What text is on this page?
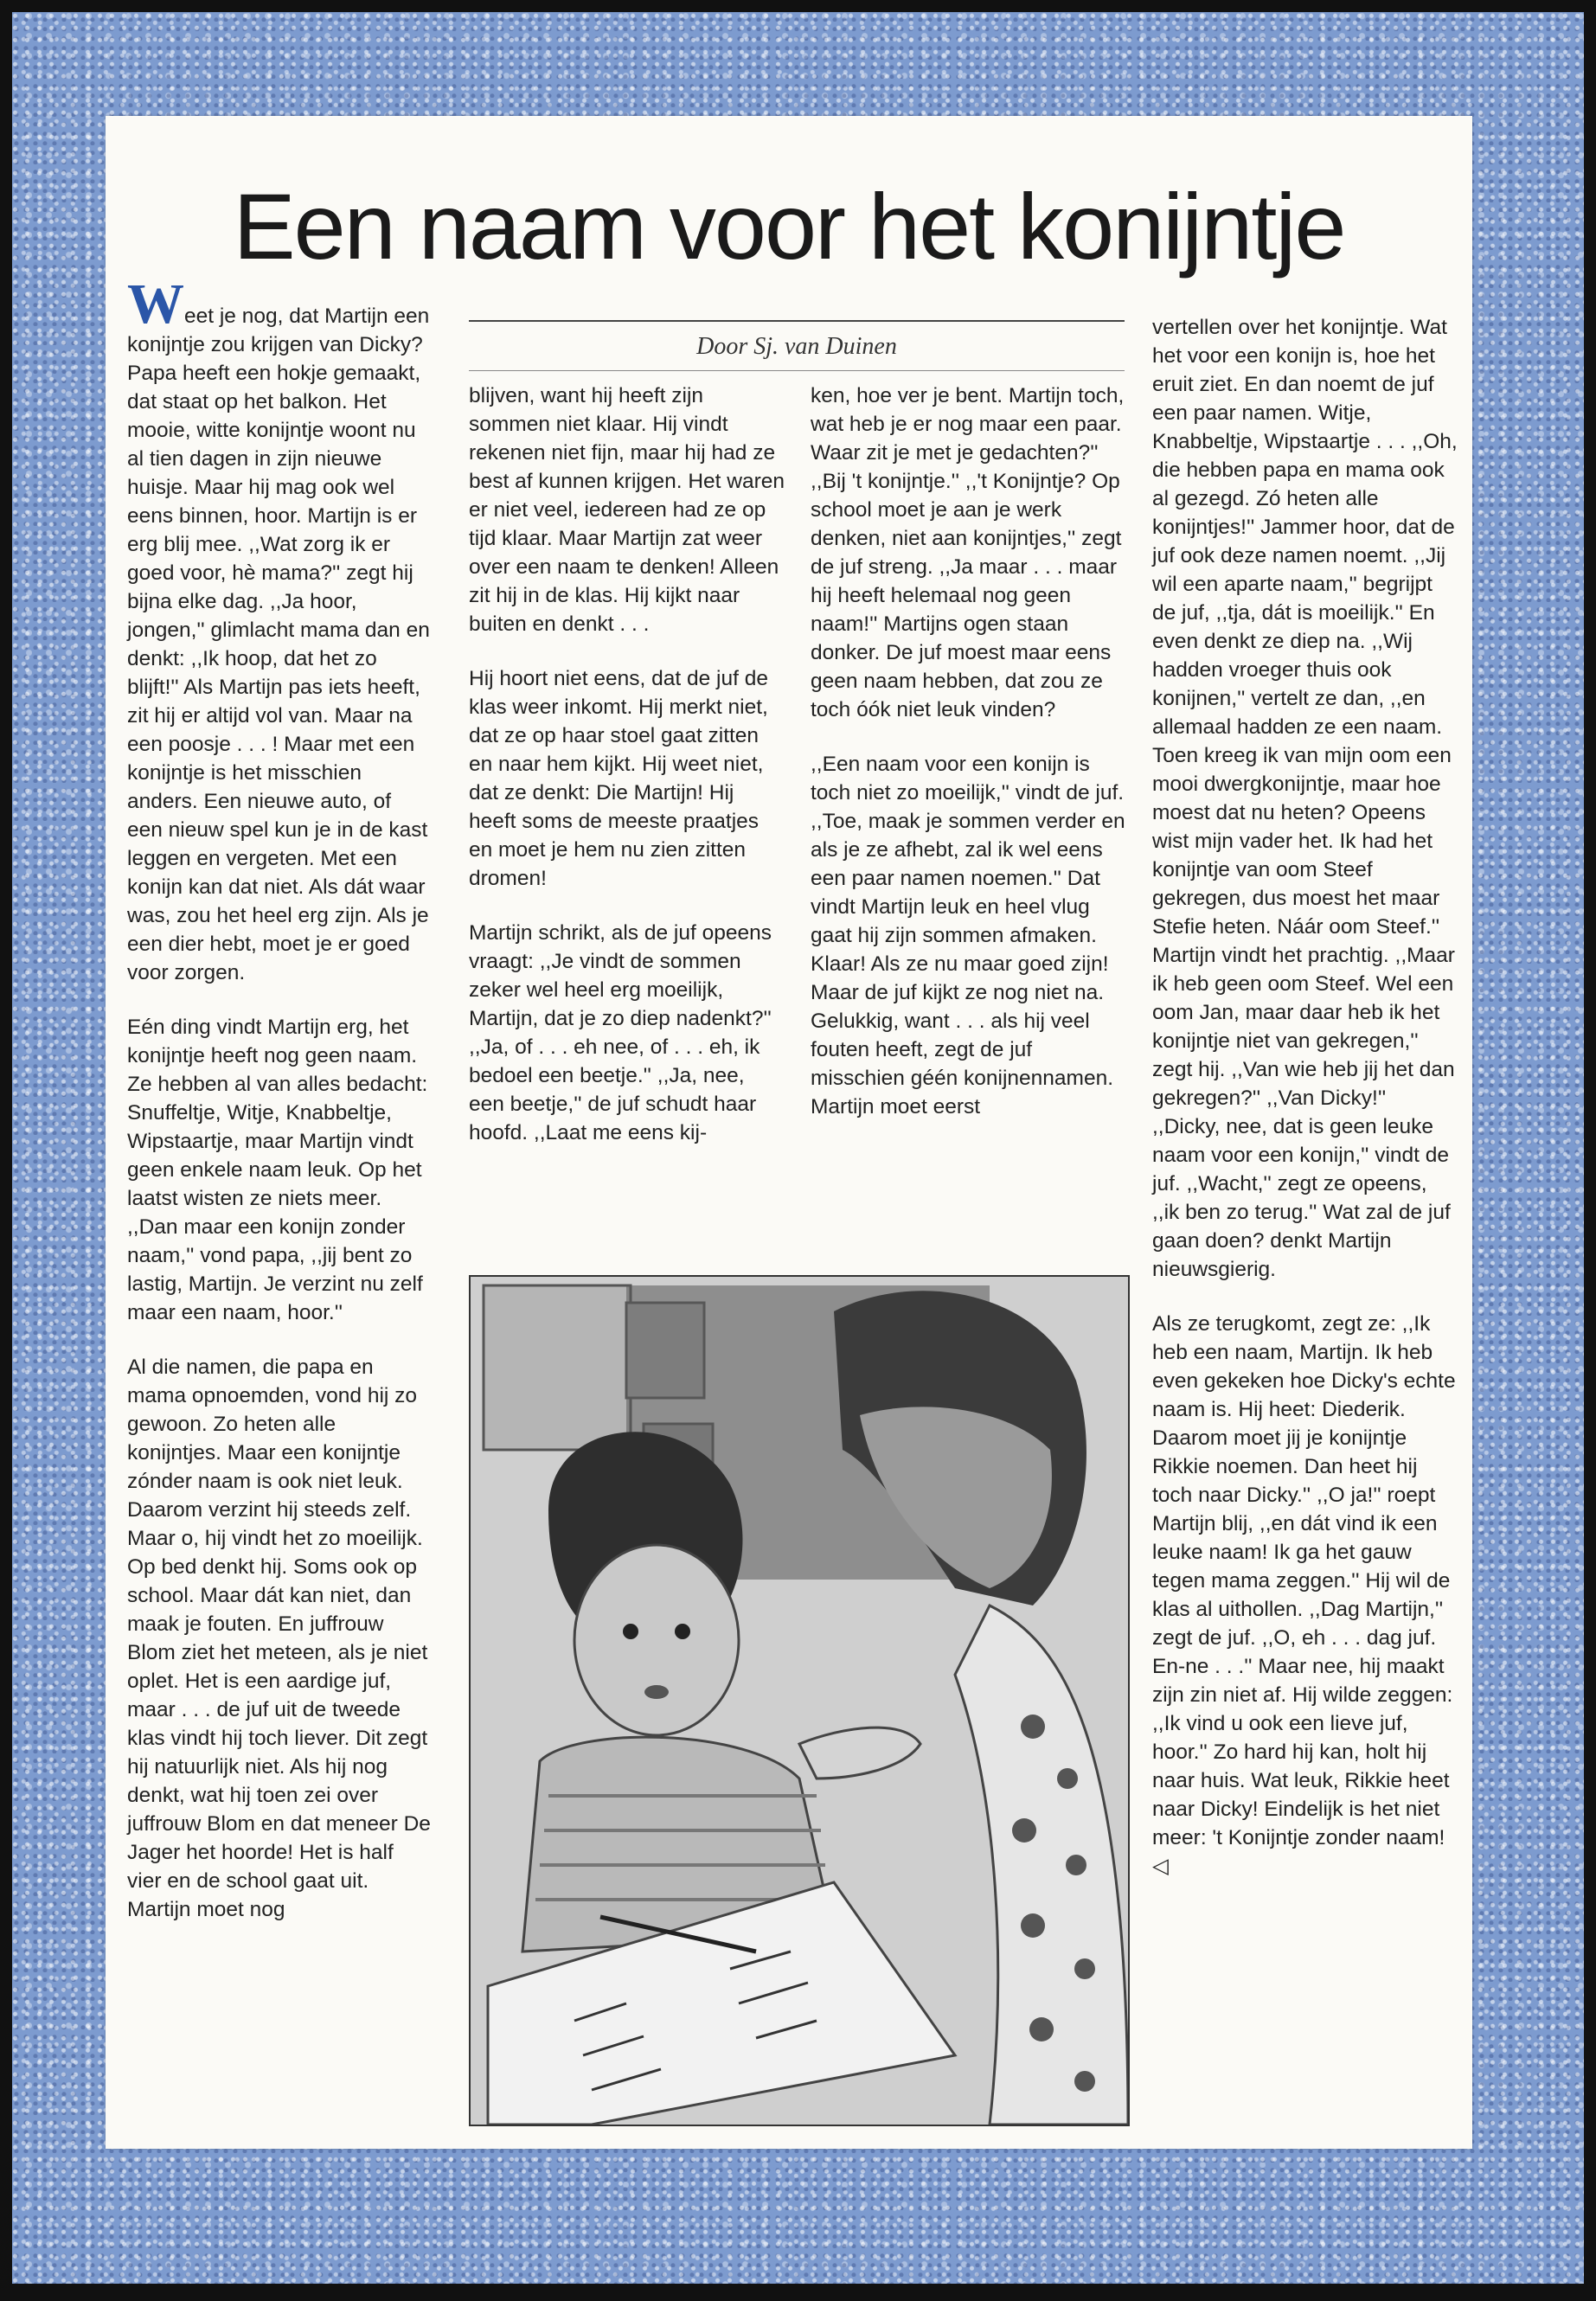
Een naam voor het konijntje

Weet je nog, dat Martijn een konijntje zou krijgen van Dicky? Papa heeft een hokje gemaakt, dat staat op het balkon. Het mooie, witte konijntje woont nu al tien dagen in zijn nieuwe huisje. Maar hij mag ook wel eens binnen, hoor. Martijn is er erg blij mee. ,,Wat zorg ik er goed voor, hè mama?'' zegt hij bijna elke dag. ,,Ja hoor, jongen,'' glimlacht mama dan en denkt: ,,Ik hoop, dat het zo blijft!'' Als Martijn pas iets heeft, zit hij er altijd vol van. Maar na een poosje . . . ! Maar met een konijntje is het misschien anders. Een nieuwe auto, of een nieuw spel kun je in de kast leggen en vergeten. Met een konijn kan dat niet. Als dát waar was, zou het heel erg zijn. Als je een dier hebt, moet je er goed voor zorgen.

Eén ding vindt Martijn erg, het konijntje heeft nog geen naam. Ze hebben al van alles bedacht: Snuffeltje, Witje, Knabbeltje, Wipstaartje, maar Martijn vindt geen enkele naam leuk. Op het laatst wisten ze niets meer. ,,Dan maar een konijn zonder naam,'' vond papa, ,,jij bent zo lastig, Martijn. Je verzint nu zelf maar een naam, hoor.''

Al die namen, die papa en mama opnoemden, vond hij zo gewoon. Zo heten alle konijntjes. Maar een konijntje zónder naam is ook niet leuk. Daarom verzint hij steeds zelf. Maar o, hij vindt het zo moeilijk. Op bed denkt hij. Soms ook op school. Maar dát kan niet, dan maak je fouten. En juffrouw Blom ziet het meteen, als je niet oplet. Het is een aardige juf, maar . . . de juf uit de tweede klas vindt hij toch liever. Dit zegt hij natuurlijk niet. Als hij nog denkt, wat hij toen zei over juffrouw Blom en dat meneer De Jager het hoorde! Het is half vier en de school gaat uit. Martijn moet nog

Door Sj. van Duinen

blijven, want hij heeft zijn sommen niet klaar. Hij vindt rekenen niet fijn, maar hij had ze best af kunnen krijgen. Het waren er niet veel, iedereen had ze op tijd klaar. Maar Martijn zat weer over een naam te denken! Alleen zit hij in de klas. Hij kijkt naar buiten en denkt . . .

Hij hoort niet eens, dat de juf de klas weer inkomt. Hij merkt niet, dat ze op haar stoel gaat zitten en naar hem kijkt. Hij weet niet, dat ze denkt: Die Martijn! Hij heeft soms de meeste praatjes en moet je hem nu zien zitten dromen!

Martijn schrikt, als de juf opeens vraagt: ,,Je vindt de sommen zeker wel heel erg moeilijk, Martijn, dat je zo diep nadenkt?'' ,,Ja, of . . . eh nee, of . . . eh, ik bedoel een beetje.'' ,,Ja, nee, een beetje,'' de juf schudt haar hoofd. ,,Laat me eens kij-

ken, hoe ver je bent. Martijn toch, wat heb je er nog maar een paar. Waar zit je met je gedachten?'' ,,Bij 't konijntje.'' ,,'t Konijntje? Op school moet je aan je werk denken, niet aan konijntjes,'' zegt de juf streng. ,,Ja maar . . . maar hij heeft helemaal nog geen naam!'' Martijns ogen staan donker. De juf moest maar eens geen naam hebben, dat zou ze toch óók niet leuk vinden?

,,Een naam voor een konijn is toch niet zo moeilijk,'' vindt de juf. ,,Toe, maak je sommen verder en als je ze afhebt, zal ik wel eens een paar namen noemen.'' Dat vindt Martijn leuk en heel vlug gaat hij zijn sommen afmaken. Klaar! Als ze nu maar goed zijn! Maar de juf kijkt ze nog niet na. Gelukkig, want . . . als hij veel fouten heeft, zegt de juf misschien géén konijnennamen. Martijn moet eerst

vertellen over het konijntje. Wat het voor een konijn is, hoe het eruit ziet. En dan noemt de juf een paar namen. Witje, Knabbeltje, Wipstaartje . . . ,,Oh, die hebben papa en mama ook al gezegd. Zó heten alle konijntjes!'' Jammer hoor, dat de juf ook deze namen noemt. ,,Jij wil een aparte naam,'' begrijpt de juf, ,,tja, dát is moeilijk.'' En even denkt ze diep na. ,,Wij hadden vroeger thuis ook konijnen,'' vertelt ze dan, ,,en allemaal hadden ze een naam. Toen kreeg ik van mijn oom een mooi dwergkonijntje, maar hoe moest dat nu heten? Opeens wist mijn vader het. Ik had het konijntje van oom Steef gekregen, dus moest het maar Stefie heten. Náár oom Steef.'' Martijn vindt het prachtig. ,,Maar ik heb geen oom Steef. Wel een oom Jan, maar daar heb ik het konijntje niet van gekregen,'' zegt hij. ,,Van wie heb jij het dan gekregen?'' ,,Van Dicky!'' ,,Dicky, nee, dat is geen leuke naam voor een konijn,'' vindt de juf. ,,Wacht,'' zegt ze opeens, ,,ik ben zo terug.'' Wat zal de juf gaan doen? denkt Martijn nieuwsgierig.

Als ze terugkomt, zegt ze: ,,Ik heb een naam, Martijn. Ik heb even gekeken hoe Dicky's echte naam is. Hij heet: Diederik. Daarom moet jij je konijntje Rikkie noemen. Dan heet hij toch naar Dicky.'' ,,O ja!'' roept Martijn blij, ,,en dát vind ik een leuke naam! Ik ga het gauw tegen mama zeggen.'' Hij wil de klas al uithollen. ,,Dag Martijn,'' zegt de juf. ,,O, eh . . . dag juf. En-ne . . .'' Maar nee, hij maakt zijn zin niet af. Hij wilde zeggen: ,,Ik vind u ook een lieve juf, hoor.'' Zo hard hij kan, holt hij naar huis. Wat leuk, Rikkie heet naar Dicky! Eindelijk is het niet meer: 't Konijntje zonder naam! ◁
